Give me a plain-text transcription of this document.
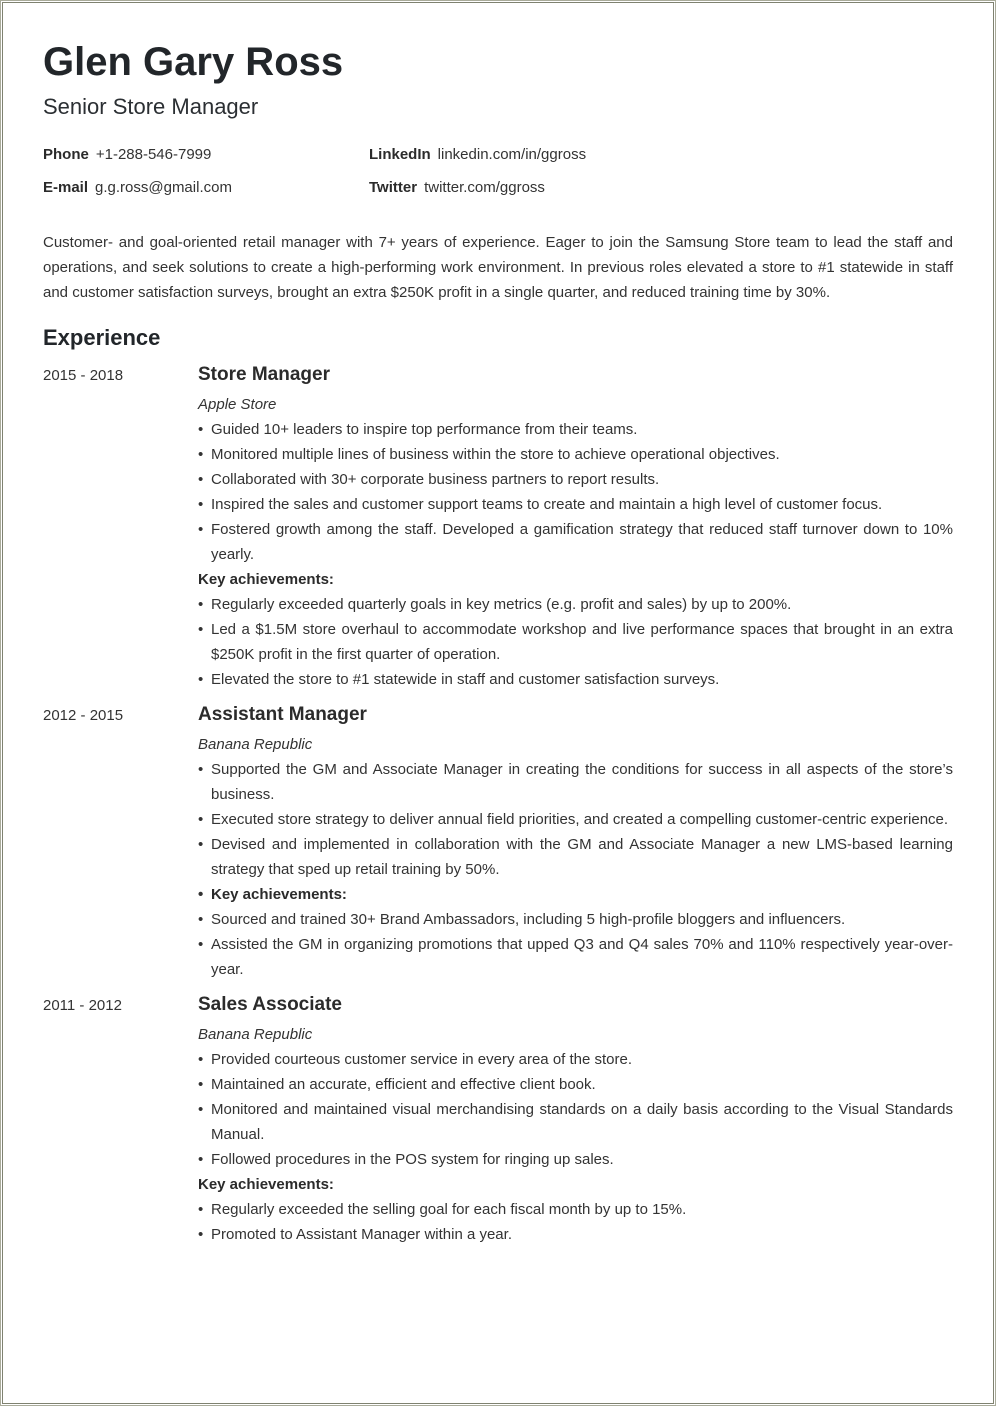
Glen Gary Ross
Senior Store Manager
Phone +1-288-546-7999	LinkedIn linkedin.com/in/ggross
E-mail g.g.ross@gmail.com	Twitter twitter.com/ggross
Customer- and goal-oriented retail manager with 7+ years of experience. Eager to join the Samsung Store team to lead the staff and operations, and seek solutions to create a high-performing work environment. In previous roles elevated a store to #1 statewide in staff and customer satisfaction surveys, brought an extra $250K profit in a single quarter, and reduced training time by 30%.
Experience
2015 - 2018	Store Manager
Apple Store
• Guided 10+ leaders to inspire top performance from their teams.
• Monitored multiple lines of business within the store to achieve operational objectives.
• Collaborated with 30+ corporate business partners to report results.
• Inspired the sales and customer support teams to create and maintain a high level of customer focus.
• Fostered growth among the staff. Developed a gamification strategy that reduced staff turnover down to 10% yearly.
Key achievements:
• Regularly exceeded quarterly goals in key metrics (e.g. profit and sales) by up to 200%.
• Led a $1.5M store overhaul to accommodate workshop and live performance spaces that brought in an extra $250K profit in the first quarter of operation.
• Elevated the store to #1 statewide in staff and customer satisfaction surveys.
2012 - 2015	Assistant Manager
Banana Republic
• Supported the GM and Associate Manager in creating the conditions for success in all aspects of the store’s business.
• Executed store strategy to deliver annual field priorities, and created a compelling customer-centric experience.
• Devised and implemented in collaboration with the GM and Associate Manager a new LMS-based learning strategy that sped up retail training by 50%.
• Key achievements:
• Sourced and trained 30+ Brand Ambassadors, including 5 high-profile bloggers and influencers.
• Assisted the GM in organizing promotions that upped Q3 and Q4 sales 70% and 110% respectively year-over-year.
2011 - 2012	Sales Associate
Banana Republic
• Provided courteous customer service in every area of the store.
• Maintained an accurate, efficient and effective client book.
• Monitored and maintained visual merchandising standards on a daily basis according to the Visual Standards Manual.
• Followed procedures in the POS system for ringing up sales.
Key achievements:
• Regularly exceeded the selling goal for each fiscal month by up to 15%.
• Promoted to Assistant Manager within a year.
